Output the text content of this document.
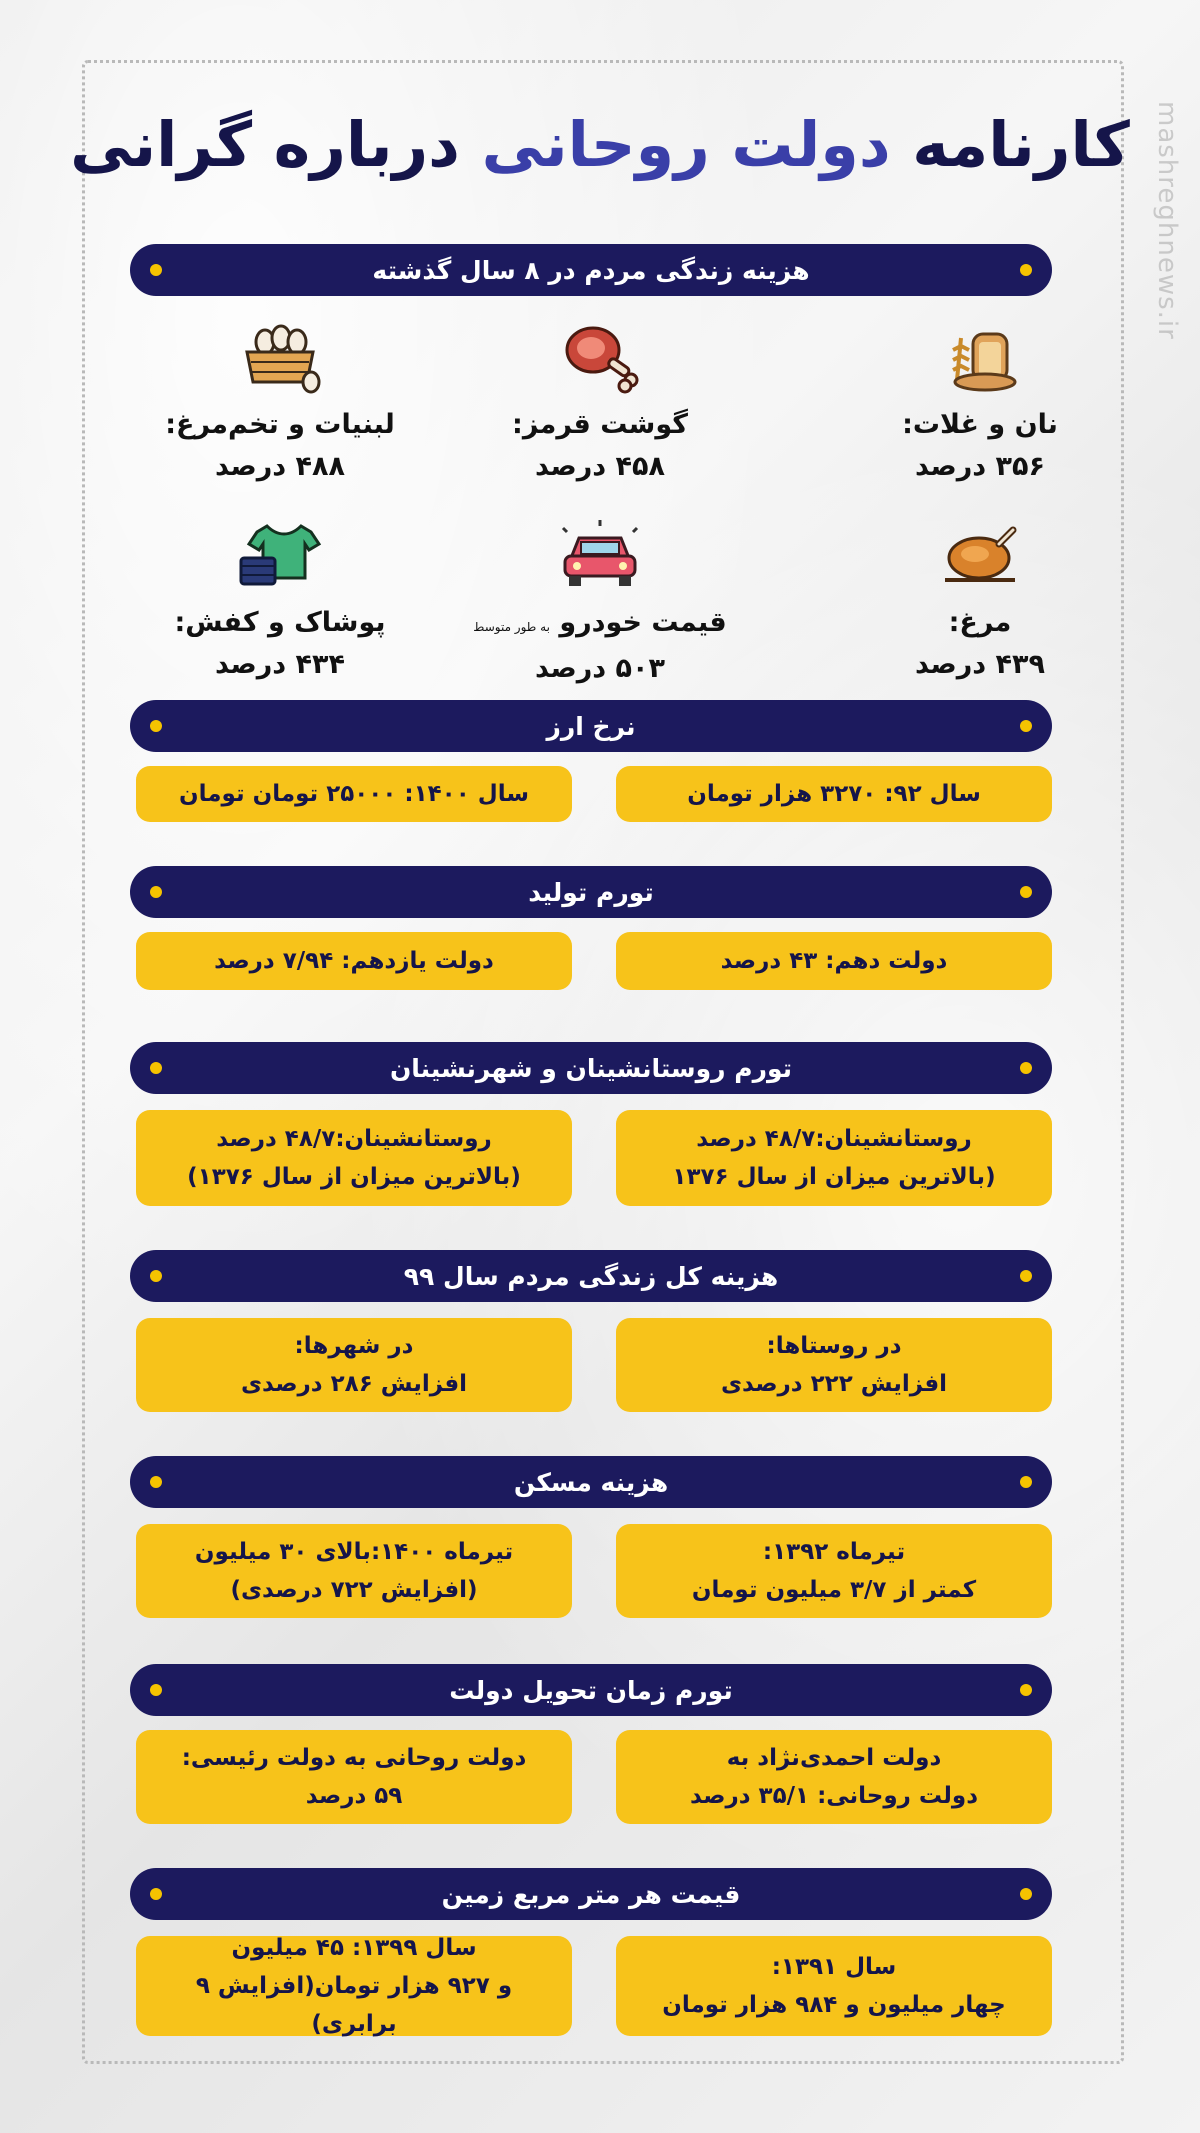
mashreghnews.ir
کارنامه دولت روحانی درباره گرانی
هزینه زندگی مردم در ۸ سال گذشته
نان و غلات:
۳۵۶ درصد
گوشت قرمز:
۴۵۸ درصد
لبنیات و تخم‌مرغ:
۴۸۸ درصد
مرغ:
۴۳۹ درصد
قیمت خودرو به طور متوسط
۵۰۳ درصد
پوشاک و کفش:
۴۳۴ درصد
نرخ ارز
سال ۹۲: ۳۲۷۰ هزار تومان
سال ۱۴۰۰: ۲۵۰۰۰ تومان تومان
تورم تولید
دولت دهم: ۴۳ درصد
دولت یازدهم: ۷/۹۴ درصد
تورم روستانشینان و شهرنشینان
روستانشینان:۴۸/۷ درصد
(بالاترین میزان از سال ۱۳۷۶
روستانشینان:۴۸/۷ درصد
(بالاترین میزان از سال ۱۳۷۶)
هزینه کل زندگی مردم سال ۹۹
در روستاها:
افزایش ۲۲۲ درصدی
در شهرها:
افزایش ۲۸۶ درصدی
هزینه مسکن
تیرماه ۱۳۹۲:
کمتر از ۳/۷ میلیون تومان
تیرماه ۱۴۰۰:بالای ۳۰ میلیون
(افزایش ۷۲۲ درصدی)
تورم زمان تحویل دولت
دولت احمدی‌نژاد به
دولت روحانی: ۳۵/۱ درصد
دولت روحانی به دولت رئیسی:
۵۹ درصد
قیمت هر متر مربع زمین
سال ۱۳۹۱:
چهار میلیون و ۹۸۴ هزار تومان
سال ۱۳۹۹: ۴۵ میلیون
و ۹۲۷ هزار تومان(افزایش ۹ برابری)
